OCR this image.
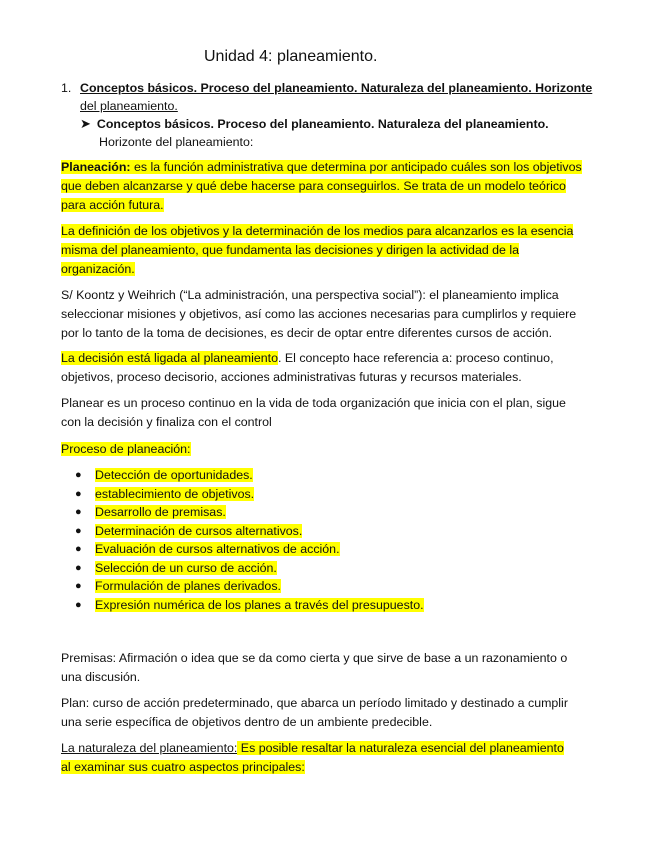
Unidad 4: planeamiento.
1. Conceptos básicos. Proceso del planeamiento. Naturaleza del planeamiento. Horizonte
del planeamiento.
➤ Conceptos básicos. Proceso del planeamiento. Naturaleza del planeamiento.
Horizonte del planeamiento:
Planeación: es la función administrativa que determina por anticipado cuáles son los objetivos
que deben alcanzarse y qué debe hacerse para conseguirlos. Se trata de un modelo teórico
para acción futura.
La definición de los objetivos y la determinación de los medios para alcanzarlos es la esencia
misma del planeamiento, que fundamenta las decisiones y dirigen la actividad de la
organización.
S/ Koontz y Weihrich (“La administración, una perspectiva social”): el planeamiento implica
seleccionar misiones y objetivos, así como las acciones necesarias para cumplirlos y requiere
por lo tanto de la toma de decisiones, es decir de optar entre diferentes cursos de acción.
La decisión está ligada al planeamiento. El concepto hace referencia a: proceso continuo,
objetivos, proceso decisorio, acciones administrativas futuras y recursos materiales.
Planear es un proceso continuo en la vida de toda organización que inicia con el plan, sigue
con la decisión y finaliza con el control
Proceso de planeación:
● Detección de oportunidades.
● establecimiento de objetivos.
● Desarrollo de premisas.
● Determinación de cursos alternativos.
● Evaluación de cursos alternativos de acción.
● Selección de un curso de acción.
● Formulación de planes derivados.
● Expresión numérica de los planes a través del presupuesto.
Premisas: Afirmación o idea que se da como cierta y que sirve de base a un razonamiento o
una discusión.
Plan: curso de acción predeterminado, que abarca un período limitado y destinado a cumplir
una serie específica de objetivos dentro de un ambiente predecible.
La naturaleza del planeamiento: Es posible resaltar la naturaleza esencial del planeamiento
al examinar sus cuatro aspectos principales:
